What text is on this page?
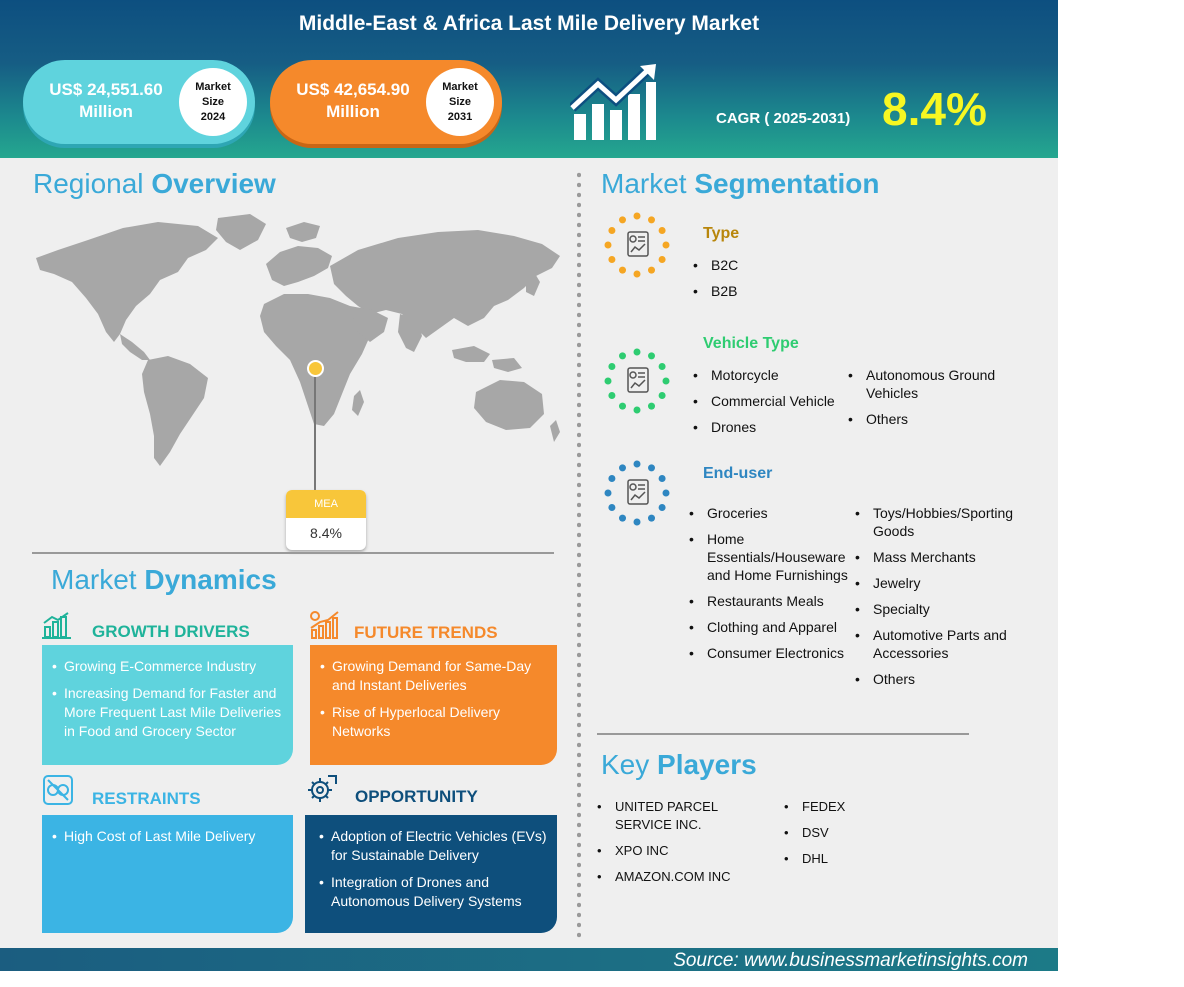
Middle-East & Africa Last Mile Delivery Market
US$ 24,551.60
Million
Market
Size
2024
US$ 42,654.90
Million
Market
Size
2031	CAGR ( 2025-2031) 8.4%
Regional Overview
MEA
8.4%
Market Dynamics
GROWTH DRIVERS
• Growing E-Commerce Industry
• Increasing Demand for Faster and More Frequent Last Mile Deliveries in Food and Grocery Sector
FUTURE TRENDS
• Growing Demand for Same-Day and Instant Deliveries
• Rise of Hyperlocal Delivery Networks
RESTRAINTS
• High Cost of Last Mile Delivery
OPPORTUNITY
• Adoption of Electric Vehicles (EVs) for Sustainable Delivery
• Integration of Drones and Autonomous Delivery Systems
Market Segmentation
Type
• B2C
• B2B
Vehicle Type
• Motorcycle
• Commercial Vehicle
• Drones
• Autonomous Ground Vehicles
• Others
End-user
• Groceries
• Home Essentials/Houseware and Home Furnishings
• Restaurants Meals
• Clothing and Apparel
• Consumer Electronics
• Toys/Hobbies/Sporting Goods
• Mass Merchants
• Jewelry
• Specialty
• Automotive Parts and Accessories
• Others
Key Players
• UNITED PARCEL SERVICE INC.
• XPO INC
• AMAZON.COM INC
• FEDEX
• DSV
• DHL
Source: www.businessmarketinsights.com
